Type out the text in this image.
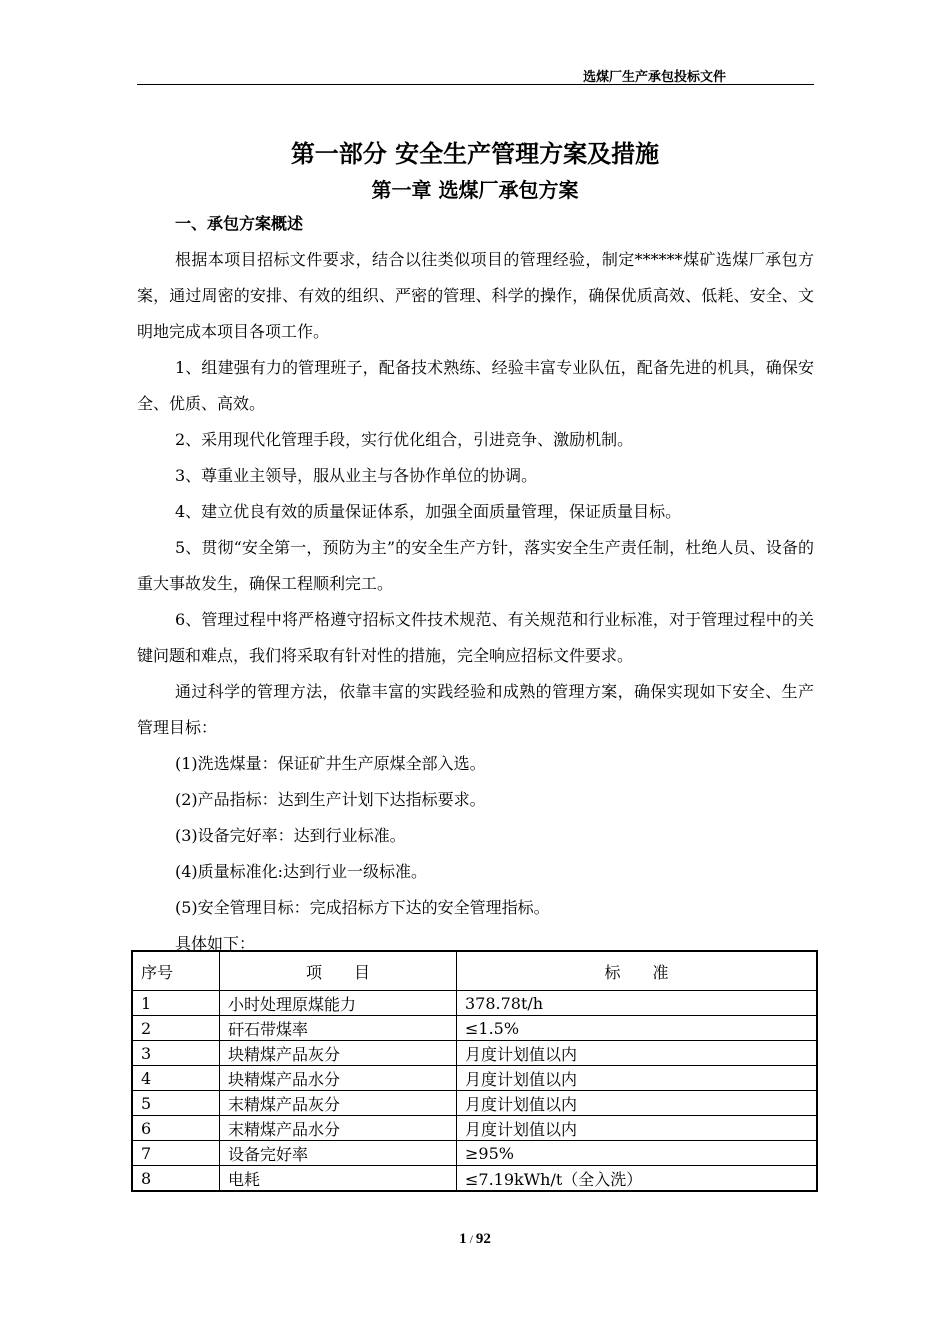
选煤厂生产承包投标文件
第一部分 安全生产管理方案及措施
第一章 选煤厂承包方案
一、承包方案概述

根据本项目招标文件要求，结合以往类似项目的管理经验，制定******煤矿选煤厂承包方案，通过周密的安排、有效的组织、严密的管理、科学的操作，确保优质高效、低耗、安全、文明地完成本项目各项工作。

1、组建强有力的管理班子，配备技术熟练、经验丰富专业队伍，配备先进的机具，确保安全、优质、高效。

2、采用现代化管理手段，实行优化组合，引进竞争、激励机制。

3、尊重业主领导，服从业主与各协作单位的协调。

4、建立优良有效的质量保证体系，加强全面质量管理，保证质量目标。

5、贯彻“安全第一，预防为主”的安全生产方针，落实安全生产责任制，杜绝人员、设备的重大事故发生，确保工程顺利完工。

6、管理过程中将严格遵守招标文件技术规范、有关规范和行业标准，对于管理过程中的关键问题和难点，我们将采取有针对性的措施，完全响应招标文件要求。

通过科学的管理方法，依靠丰富的实践经验和成熟的管理方案，确保实现如下安全、生产管理目标：

(1)洗选煤量：保证矿井生产原煤全部入选。

(2)产品指标：达到生产计划下达指标要求。

(3)设备完好率：达到行业标准。

(4)质量标准化:达到行业一级标准。

(5)安全管理目标：完成招标方下达的安全管理指标。

具体如下：

序号	项　　目	标　　准
1	小时处理原煤能力	378.78t/h
2	矸石带煤率	≤1.5%
3	块精煤产品灰分	月度计划值以内
4	块精煤产品水分	月度计划值以内
5	末精煤产品灰分	月度计划值以内
6	末精煤产品水分	月度计划值以内
7	设备完好率	≥95%
8	电耗	≤7.19kWh/t（全入洗）
1 / 92
